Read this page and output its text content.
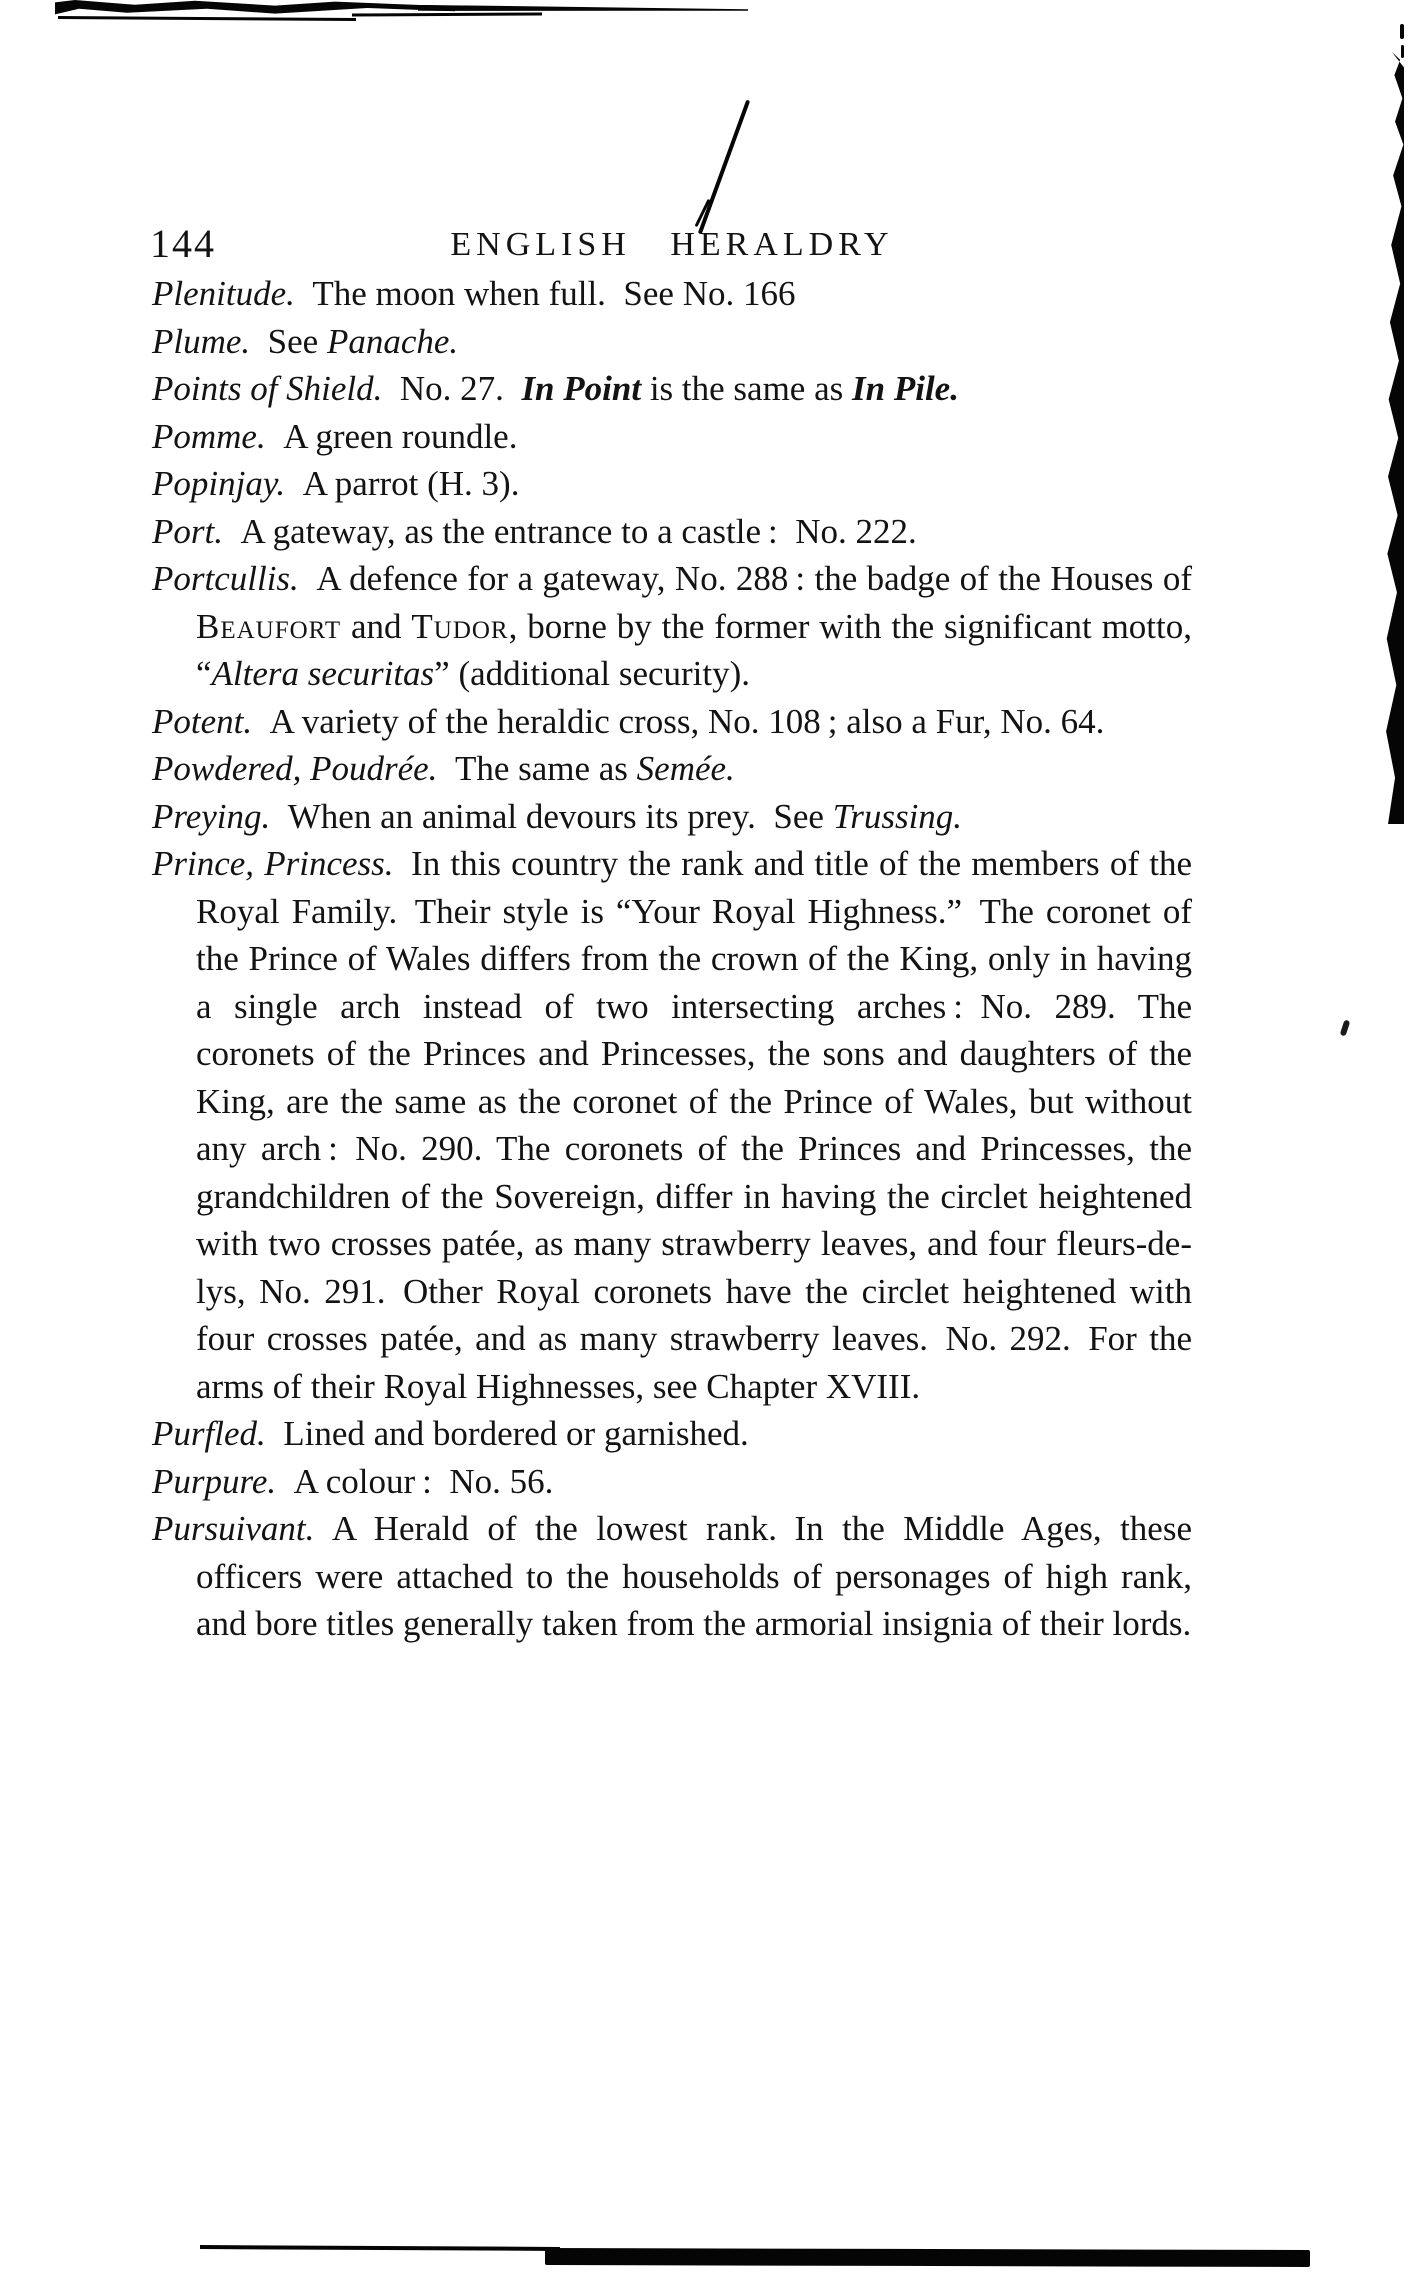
144	ENGLISH HERALDRY

Plenitude. The moon when full. See No. 166

Plume. See Panache.

Points of Shield. No. 27. In Point is the same as In Pile.

Pomme. A green roundle.

Popinjay. A parrot (H. 3).

Port. A gateway, as the entrance to a castle : No. 222.

Portcullis. A defence for a gateway, No. 288 : the badge of the Houses of Beaufort and Tudor, borne by the former with the significant motto, “Altera securitas” (additional security).

Potent. A variety of the heraldic cross, No. 108 ; also a Fur, No. 64.

Powdered, Poudrée. The same as Semée.

Preying. When an animal devours its prey. See Trussing.

Prince, Princess. In this country the rank and title of the members of the Royal Family. Their style is “Your Royal Highness.” The coronet of the Prince of Wales differs from the crown of the King, only in having a single arch instead of two intersecting arches : No. 289. The coronets of the Princes and Princesses, the sons and daughters of the King, are the same as the coronet of the Prince of Wales, but without any arch : No. 290. The coronets of the Princes and Princesses, the grandchildren of the Sovereign, differ in having the circlet heightened with two crosses patée, as many strawberry leaves, and four fleurs-de-lys, No. 291. Other Royal coronets have the circlet heightened with four crosses patée, and as many strawberry leaves. No. 292. For the arms of their Royal Highnesses, see Chapter XVIII.

Purfled. Lined and bordered or garnished.

Purpure. A colour : No. 56.

Pursuivant. A Herald of the lowest rank. In the Middle Ages, these officers were attached to the households of personages of high rank, and bore titles generally taken from the armorial insignia of their lords.
